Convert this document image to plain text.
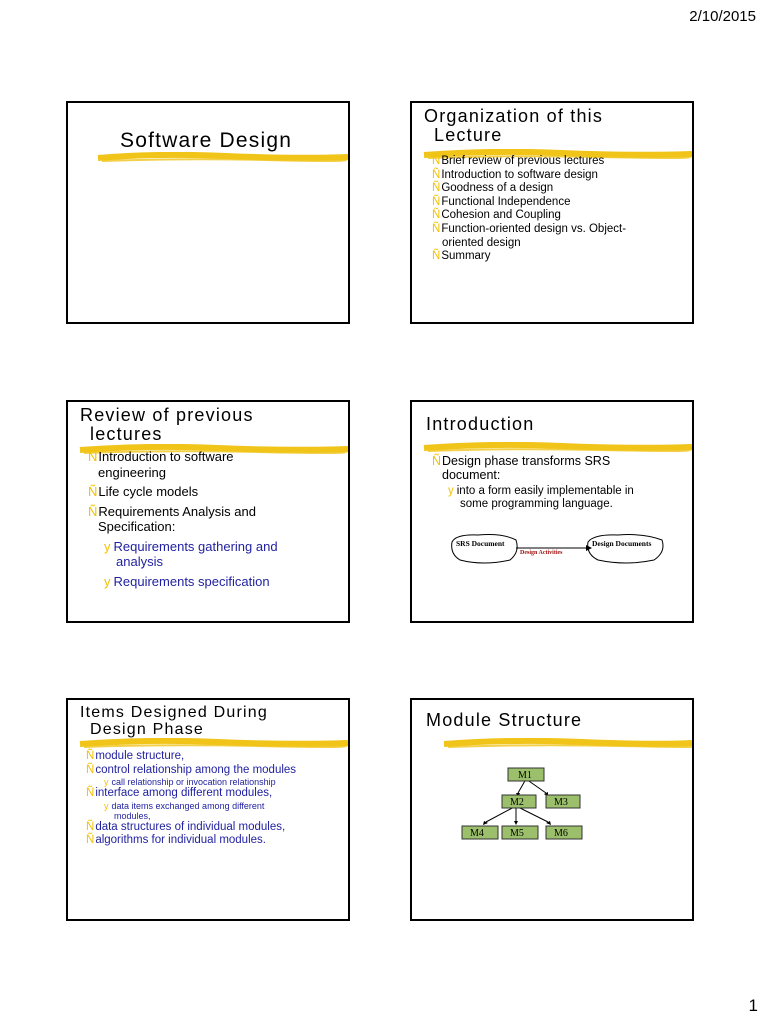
2/10/2015
Software Design
Organization of this
Lecture
ÑBrief review of previous lectures
ÑIntroduction to software design
ÑGoodness of a design
ÑFunctional Independence
ÑCohesion and Coupling
ÑFunction-oriented design vs. Object-
oriented design
ÑSummary
Review of previous
lectures
ÑIntroduction to software
engineering
ÑLife cycle models
ÑRequirements Analysis and
Specification:
y Requirements gathering and
analysis
y Requirements specification
Introduction
ÑDesign phase transforms SRS
document:
y into a form easily implementable in
some programming language.
SRS Document
Design Activities
Design Documents
Items Designed During
Design Phase
Ñmodule structure,
Ñcontrol relationship among the modules
y call relationship or invocation relationship
Ñinterface among different modules,
y data items exchanged among different
modules,
Ñdata structures of individual modules,
Ñalgorithms for individual modules.
Module Structure
M1
M2	M3
M4	M5	M6
1
